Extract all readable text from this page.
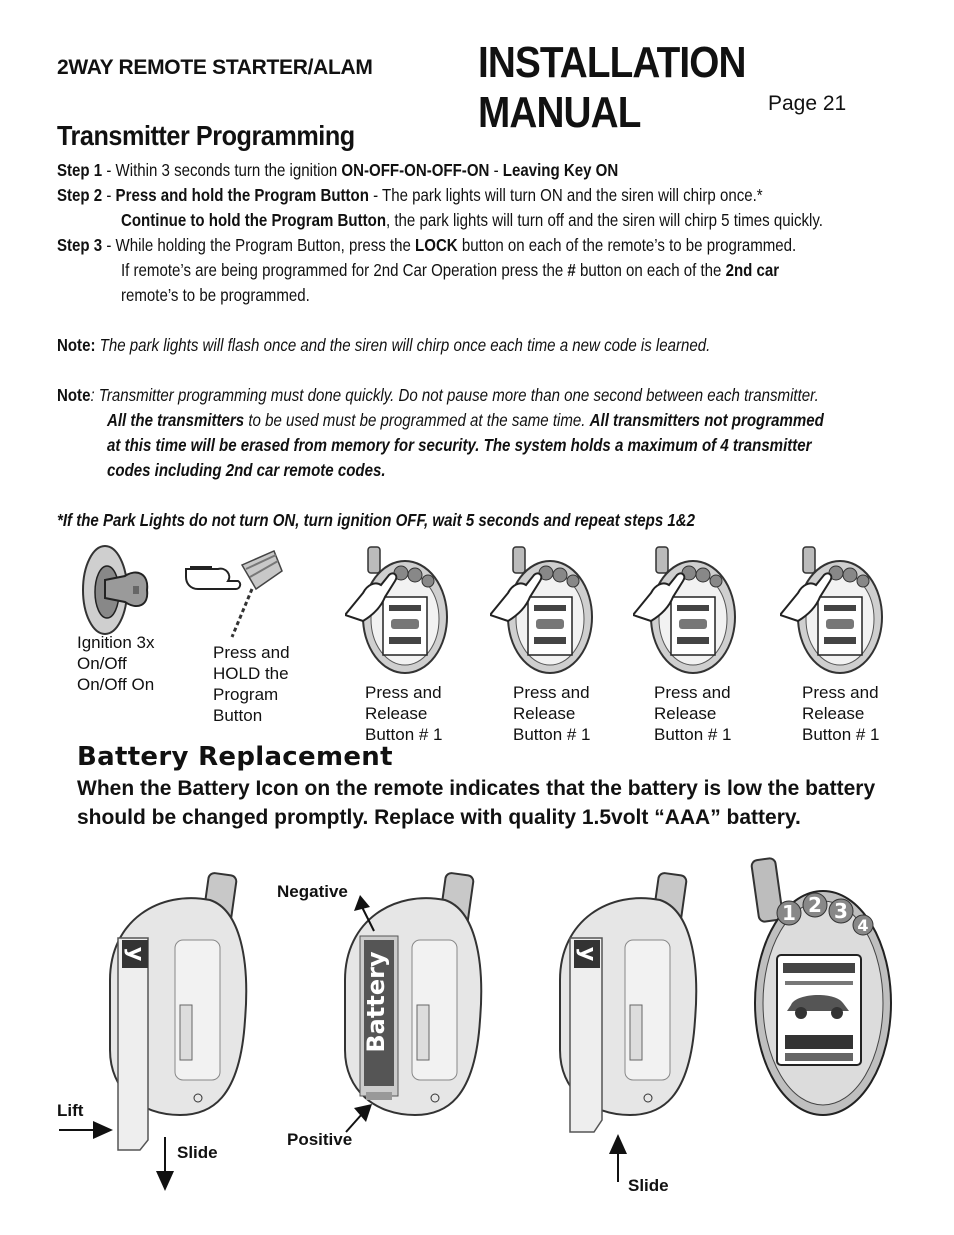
2WAY REMOTE STARTER/ALAM INSTALLATION MANUAL	Page 21
Transmitter Programming
Step 1 - Within 3 seconds turn the ignition ON-OFF-ON-OFF-ON - Leaving Key ON
Step 2 - Press and hold the Program Button - The park lights will turn ON and the siren will chirp once.*
Continue to hold the Program Button, the park lights will turn off and the siren will chirp 5 times quickly.
Step 3 - While holding the Program Button, press the LOCK button on each of the remote’s to be programmed.
If remote’s are being programmed for 2nd Car Operation press the # button on each of the 2nd car
remote’s to be programmed.
Note: The park lights will flash once and the siren will chirp once each time a new code is learned.
Note: Transmitter programming must done quickly. Do not pause more than one second between each transmitter.
All the transmitters to be used must be programmed at the same time. All transmitters not programmed
at this time will be erased from memory for security. The system holds a maximum of 4 transmitter
codes including 2nd car remote codes.
*If the Park Lights do not turn ON, turn ignition OFF, wait 5 seconds and repeat steps 1&2
Ignition 3x
On/Off
On/Off On
Press and
HOLD the
Program
Button
Press and
Release
Button # 1
Press and
Release
Button # 1
Press and
Release
Button # 1
Press and
Release
Button # 1
Battery Replacement
When the Battery Icon on the remote indicates that the battery is low the battery should be changed promptly. Replace with quality 1.5volt “AAA” battery.
y	Battery	y
1 2 3
4
Negative
Positive
Lift
Slide
Slide
